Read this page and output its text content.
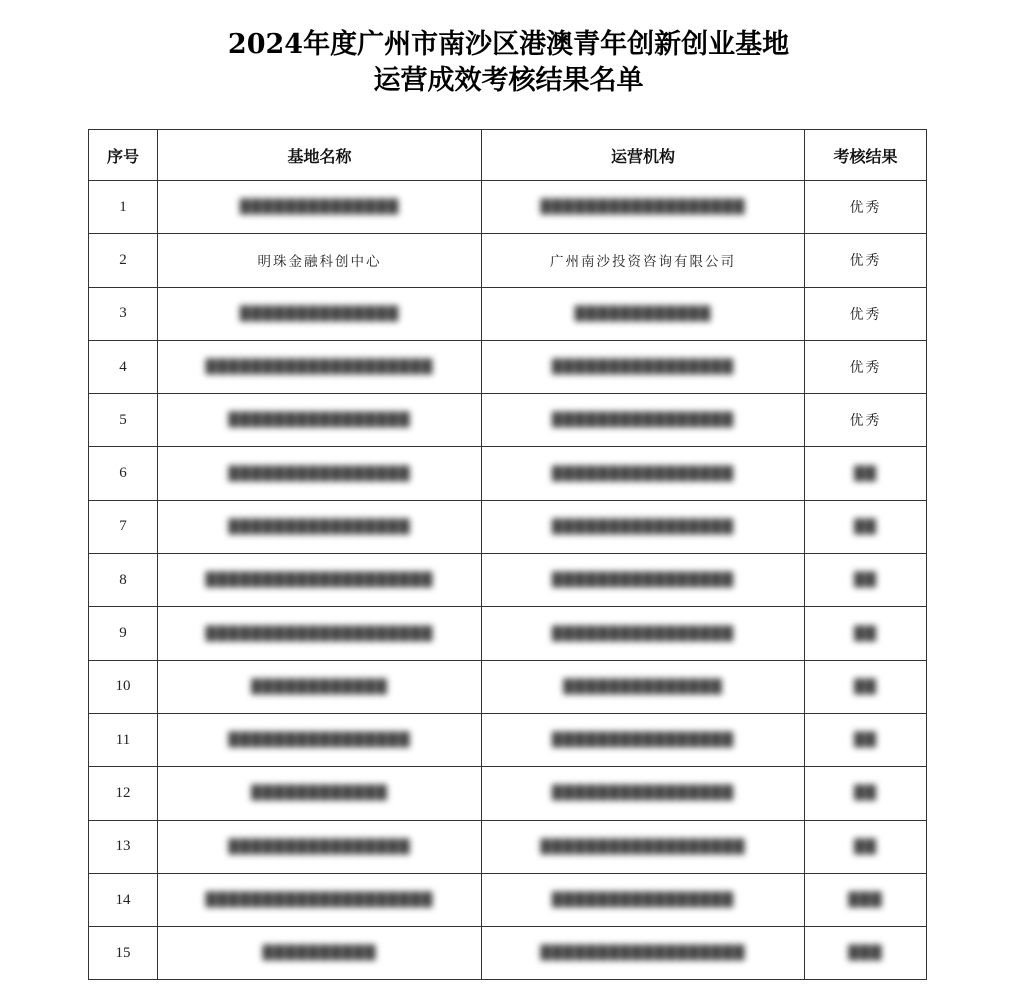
2024年度广州市南沙区港澳青年创新创业基地
运营成效考核结果名单
序号	基地名称	运营机构	考核结果
1	██████████████	██████████████████	优秀
2	明珠金融科创中心	广州南沙投资咨询有限公司	优秀
3	██████████████	████████████	优秀
4	████████████████████	████████████████	优秀
5	████████████████	████████████████	优秀
6	████████████████	████████████████	██
7	████████████████	████████████████	██
8	████████████████████	████████████████	██
9	████████████████████	████████████████	██
10	████████████	██████████████	██
11	████████████████	████████████████	██
12	████████████	████████████████	██
13	████████████████	██████████████████	██
14	████████████████████	████████████████	███
15	██████████	██████████████████	███
